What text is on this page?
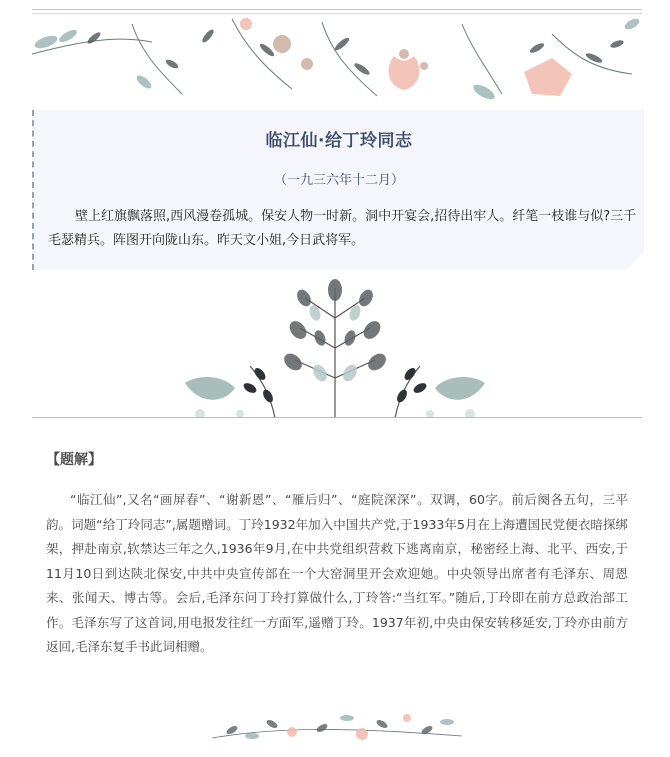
临江仙·给丁玲同志
（一九三六年十二月）

壁上红旗飘落照,西风漫卷孤城。保安人物一时新。洞中开宴会,招待出牢人。纤笔一枝谁与似?三千毛瑟精兵。阵图开向陇山东。昨天文小姐,今日武将军。

【题解】

“临江仙”,又名“画屏春”、“谢新恩”、“雁后归”、“庭院深深”。双调，60字。前后阕各五句，三平韵。词题“给丁玲同志”,属题赠词。丁玲1932年加入中国共产党,于1933年5月在上海遭国民党便衣暗探绑架，押赴南京,软禁达三年之久,1936年9月,在中共党组织营救下逃离南京，秘密经上海、北平、西安,于11月10日到达陕北保安,中共中央宣传部在一个大窑洞里开会欢迎她。中央领导出席者有毛泽东、周恩来、张闻天、博古等。会后,毛泽东问丁玲打算做什么,丁玲答:“当红军。”随后,丁玲即在前方总政治部工作。毛泽东写了这首词,用电报发往红一方面军,遥赠丁玲。1937年初,中央由保安转移延安,丁玲亦由前方返回,毛泽东复手书此词相赠。
